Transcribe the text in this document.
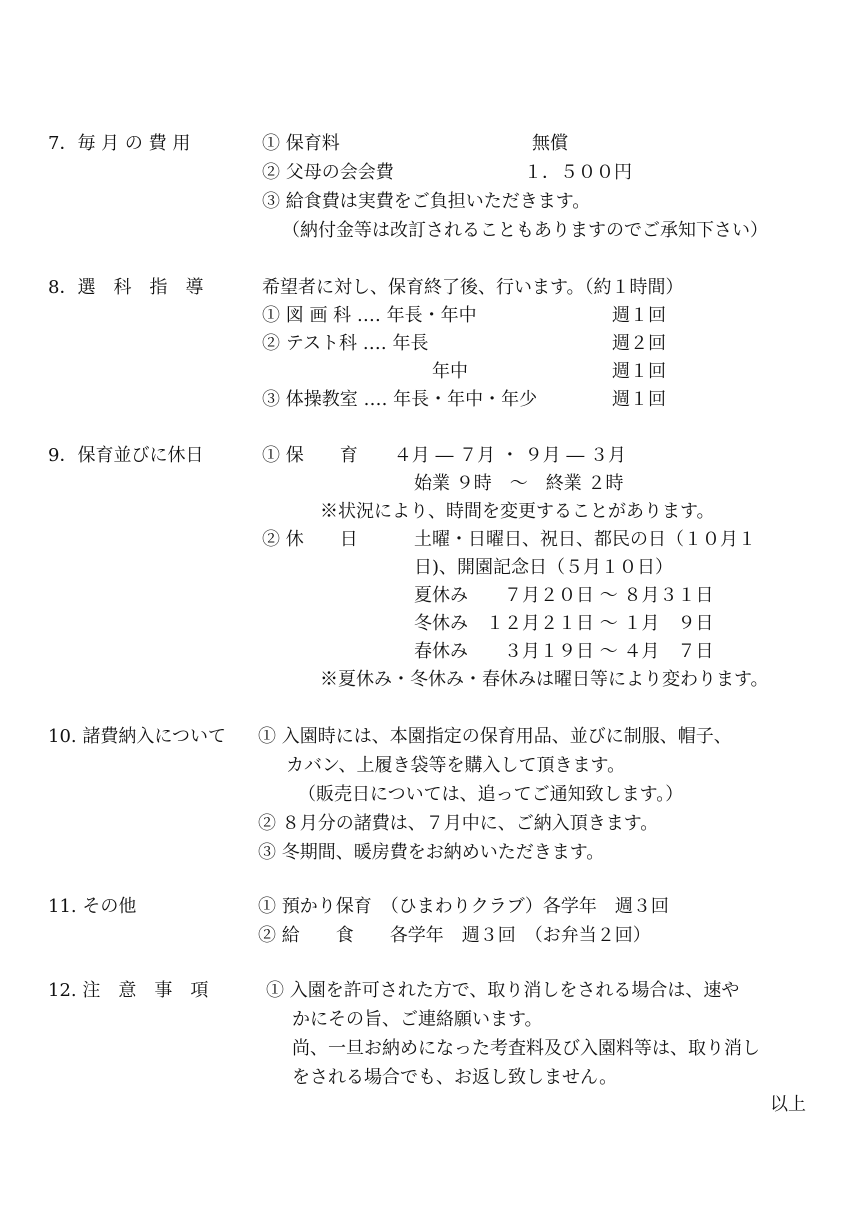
7．毎 月 の 費 用	① 保育料	無償
② 父母の会会費	１．５００円
③ 給食費は実費をご負担いただきます。
（納付金等は改訂されることもありますのでご承知下さい）
8．選　科　指　導	希望者に対し、保育終了後、行います。（約１時間）
① 図 画 科 ‥‥ 年長・年中	週１回
② テスト科 ‥‥ 年長	週２回
年中	週１回
③ 体操教室 ‥‥ 年長・年中・年少	週１回
9．保育並びに休日	① 保　　育　　４月 ― ７月 ・ ９月 ― ３月
始業 ９時　～　終業 ２時
※状況により、時間を変更することがあります。
② 休　　日	土曜・日曜日、祝日、都民の日（１０月１
日)、開園記念日（５月１０日）
夏休み　　７月２０日 ～ ８月３１日
冬休み　１２月２１日 ～ １月　９日
春休み　　３月１９日 ～ ４月　７日
※夏休み・冬休み・春休みは曜日等により変わります。
10. 諸費納入について ① 入園時には、本園指定の保育用品、並びに制服、帽子、
カバン、上履き袋等を購入して頂きます。
（販売日については、追ってご通知致します。）
② ８月分の諸費は、７月中に、ご納入頂きます。
③ 冬期間、暖房費をお納めいただきます。
11. その他	① 預かり保育　（ひまわりクラブ）各学年　週３回
② 給　　食　　各学年　週３回　（お弁当２回）
12. 注　意　事　項	① 入園を許可された方で、取り消しをされる場合は、速や
かにその旨、ご連絡願います。
尚、一旦お納めになった考査料及び入園料等は、取り消し
をされる場合でも、お返し致しません。
以上
